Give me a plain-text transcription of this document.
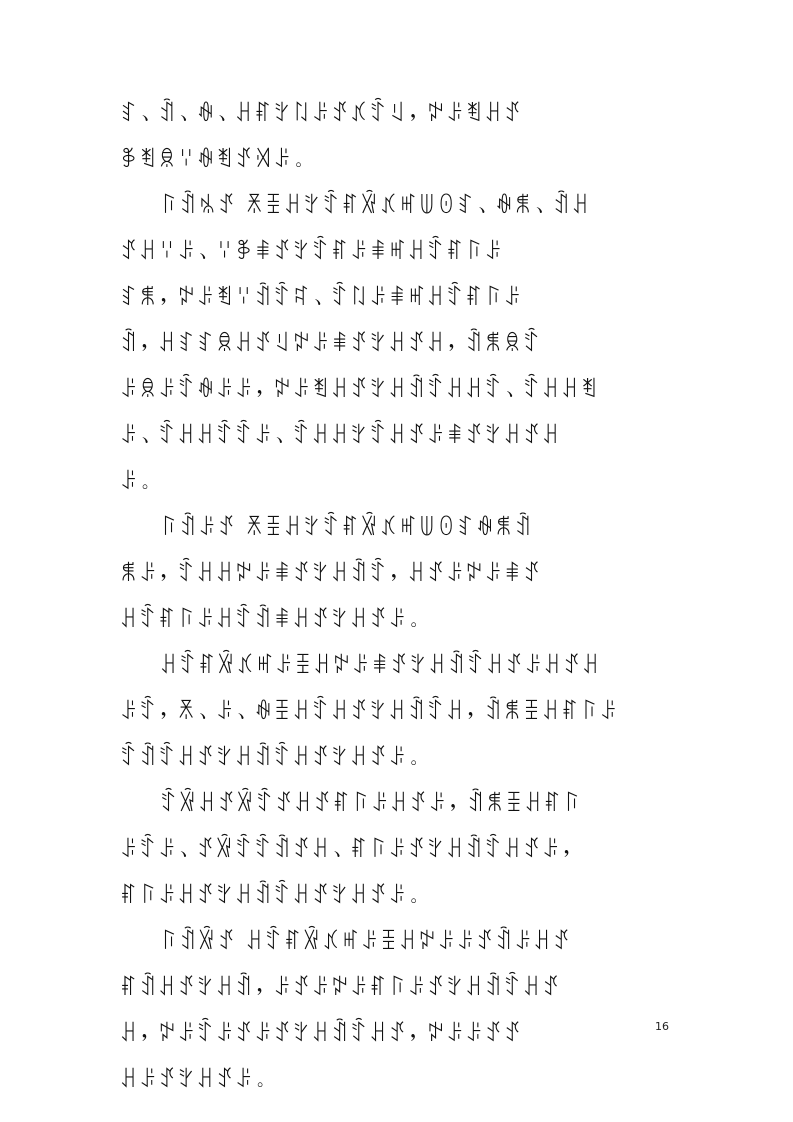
ꆏ、ꀉ、ꊿ、ꃅꐥꇬꇁꌠꀋꃤꄷꆹ，ꉢꌠꄮꃅꀋ
ꃆꄮꌋꈌꊿꄮꀋꄉꌠ。
ꑍꀉꁱꀋ ꍯꀨꃅꇬꄷꐥꑞꃤꎭꅐꏿꆏ、ꊿꐩ、ꀉꃅ
ꀋꃅꈌꌠ、ꈌꃆꑌꀋꇬꄷꐥꌠꑌꎭꃅꄷꐥꑍꌠ
ꆏꐩ，ꉢꌠꄮꈌꀉꄷꉜ、ꄷꇁꌠꑌꎭꃅꄷꐥꑍꌠ
ꀉ，ꃅꆏꆏꌋꃅꀋꆹꉢꌠꑌꀋꇬꃅꀋꃅ，ꀉꐩꌋꄷ
ꌠꌋꌠꄷꊿꌠꌠ，ꉢꌠꄮꃅꀋꇬꃅꀉꄷꃅꃅꄷ、ꄷꃅꃅꄮ
ꌠ、ꄷꃅꃅꄷꄷꌠ、ꄷꃅꃅꇬꄷꃅꀋꌠꑌꀋꇬꃅꀋꃅ
ꌠ。
ꑍꀉꌠꀋ ꍯꀨꃅꇬꄷꐥꑞꃤꎭꅐꏿꆏꊿꐩꀉ
ꐩꌠ，ꄷꃅꃅꉢꌠꑌꀋꇬꃅꀉꄷ，ꃅꀋꌠꉢꌠꑌꀋ
ꃅꄷꐥꑍꌠꃅꄷꀉꑌꃅꀋꇬꃅꀋꌠ。
ꃅꄷꐥꑞꃤꎭꌠꀨꃅꉢꌠꑌꀋꇬꃅꀉꄷꃅꀋꌠꃅꀋꃅ
ꌠꄷ，ꍯ、ꌠ、ꊿꀨꃅꄷꃅꀋꇬꃅꀉꄷꃅ，ꀉꐩꀨꃅꐥꑍꌠ
ꄷꀉꄷꃅꀋꇬꃅꀉꄷꃅꀋꇬꃅꀋꌠ。
ꄷꑞꃅꀋꑞꄷꀋꃅꀋꐥꑍꌠꃅꀋꌠ，ꀉꐩꀨꃅꐥꑍ
ꌠꄷꌠ、ꀋꑞꄷꄷꀉꀋꃅ、ꐥꑍꌠꀋꇬꃅꀉꄷꃅꀋꌠ，
ꐥꑍꌠꃅꀋꇬꃅꀉꄷꃅꀋꇬꃅꀋꌠ。
ꑍꀉꑞꀋ ꃅꄷꐥꑞꃤꎭꌠꀨꃅꉢꌠꌠꀋꀉꌠꃅꀋ
ꐥꀉꃅꀋꇬꃅꀉ，ꌠꀋꌠꉢꌠꐥꑍꌠꀋꇬꃅꀉꄷꃅꀋ
ꃅ，ꉢꌠꄷꌠꀋꌠꀋꇬꃅꀉꄷꃅꀋ，ꉢꌠꌠꀋꀋ
ꃅꌠꀋꇬꃅꀋꌠ。
16
